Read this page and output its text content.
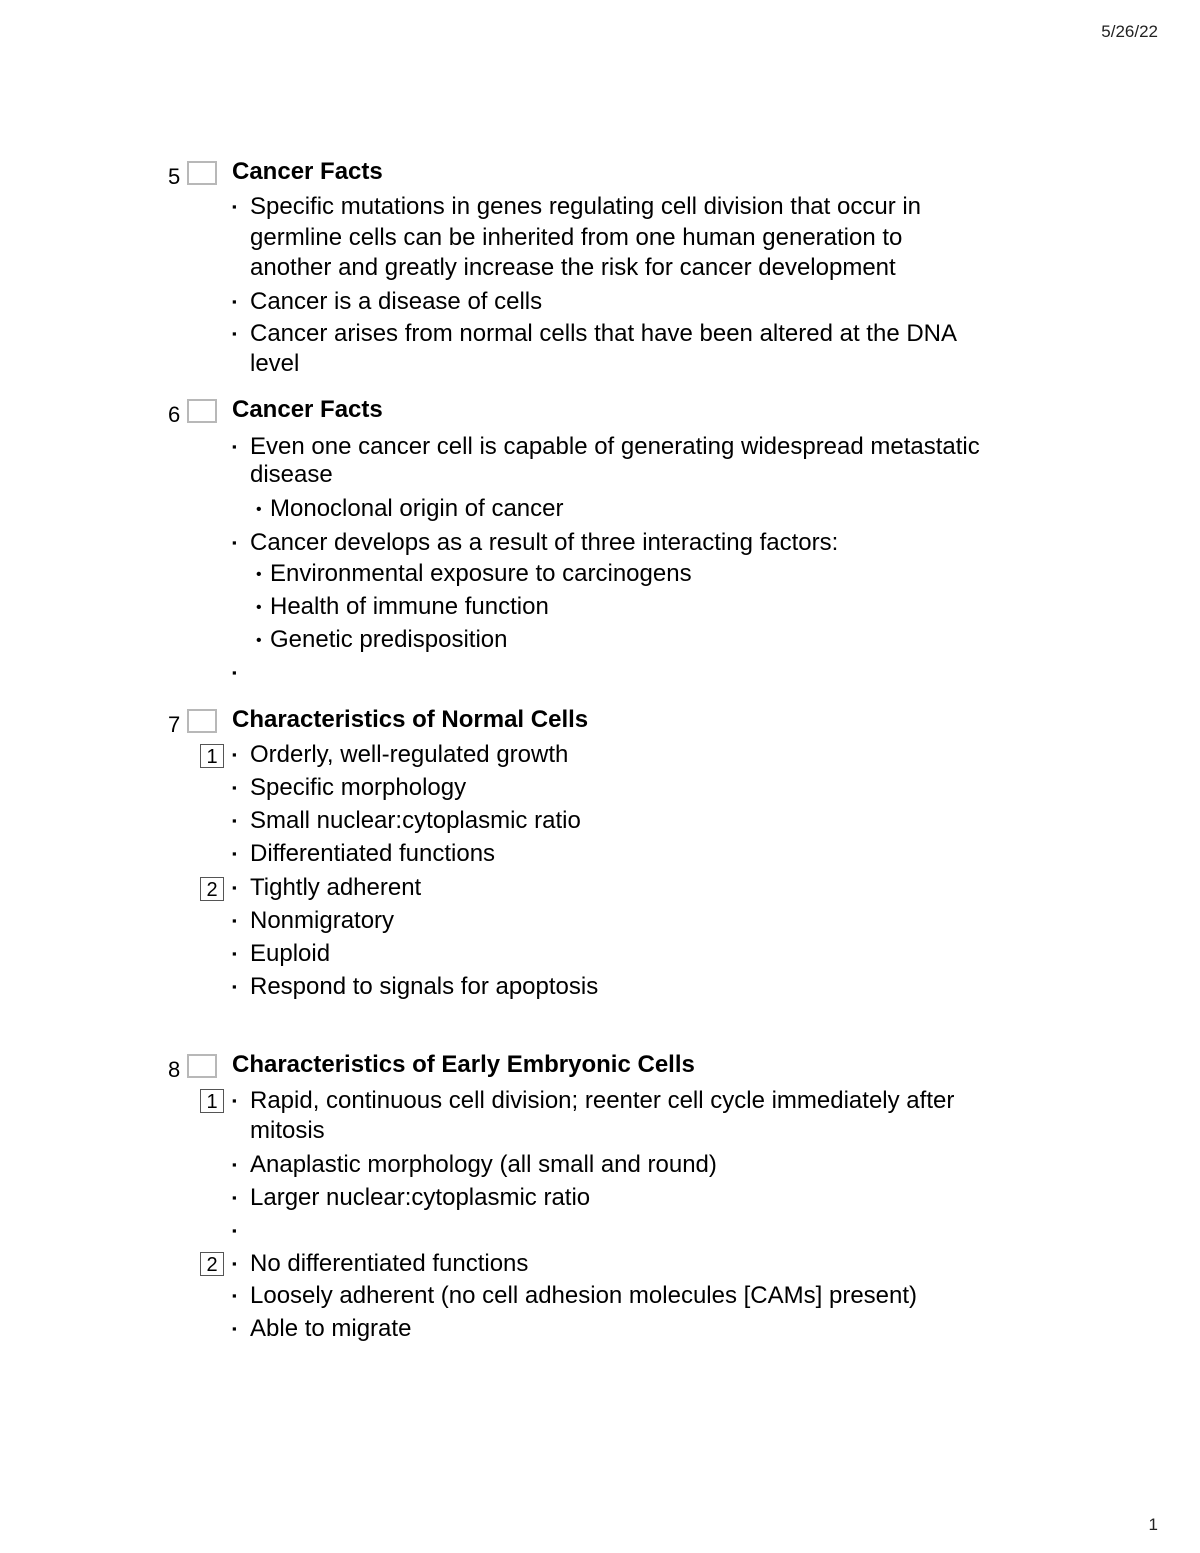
5/26/22
5 Cancer Facts
▪ Specific mutations in genes regulating cell division that occur in
germline cells can be inherited from one human generation to
another and greatly increase the risk for cancer development
▪ Cancer is a disease of cells
▪ Cancer arises from normal cells that have been altered at the DNA
level
6 Cancer Facts
▪ Even one cancer cell is capable of generating widespread metastatic
disease
• Monoclonal origin of cancer
▪ Cancer develops as a result of three interacting factors:
• Environmental exposure to carcinogens
• Health of immune function
• Genetic predisposition
▪
7 Characteristics of Normal Cells
1	▪ Orderly, well-regulated growth
▪ Specific morphology
▪ Small nuclear:cytoplasmic ratio
▪ Differentiated functions
2	▪ Tightly adherent
▪ Nonmigratory
▪ Euploid
▪ Respond to signals for apoptosis
8 Characteristics of Early Embryonic Cells
1	▪ Rapid, continuous cell division; reenter cell cycle immediately after
mitosis
▪ Anaplastic morphology (all small and round)
▪ Larger nuclear:cytoplasmic ratio
▪
2	▪ No differentiated functions
▪ Loosely adherent (no cell adhesion molecules [CAMs] present)
▪ Able to migrate
1
